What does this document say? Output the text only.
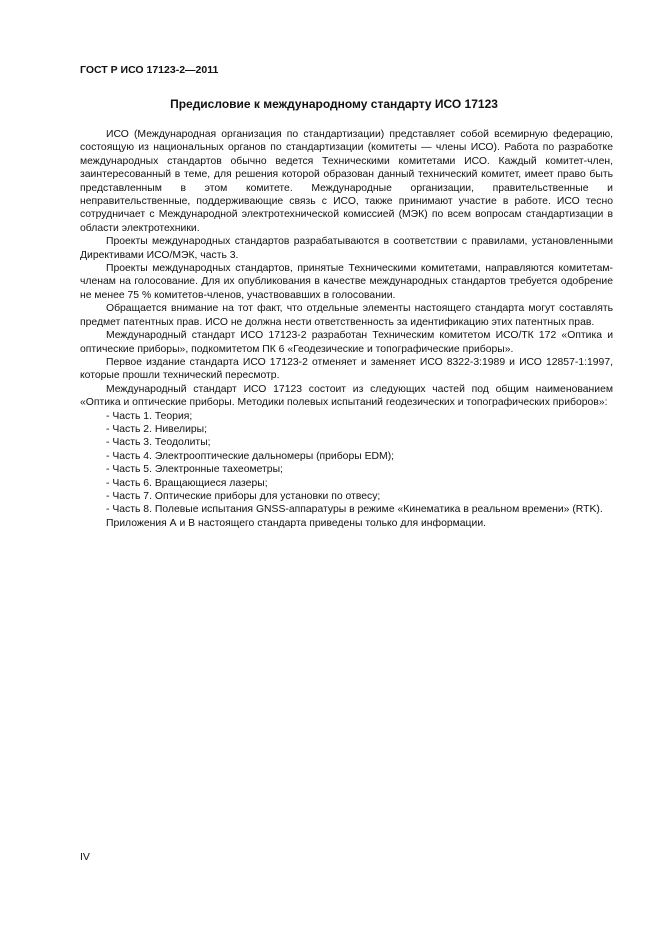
ГОСТ Р ИСО 17123-2—2011
Предисловие к международному стандарту ИСО 17123

ИСО (Международная организация по стандартизации) представляет собой всемирную федерацию, состоящую из национальных органов по стандартизации (комитеты — члены ИСО). Работа по разработке международных стандартов обычно ведется Техническими комитетами ИСО. Каждый комитет-член, заинтересованный в теме, для решения которой образован данный технический комитет, имеет право быть представленным в этом комитете. Международные организации, правительственные и неправительственные, поддерживающие связь с ИСО, также принимают участие в работе. ИСО тесно сотрудничает с Международной электротехнической комиссией (МЭК) по всем вопросам стандартизации в области электротехники.

Проекты международных стандартов разрабатываются в соответствии с правилами, установленными Директивами ИСО/МЭК, часть 3.

Проекты международных стандартов, принятые Техническими комитетами, направляются комитетам-членам на голосование. Для их опубликования в качестве международных стандартов требуется одобрение не менее 75 % комитетов-членов, участвовавших в голосовании.

Обращается внимание на тот факт, что отдельные элементы настоящего стандарта могут составлять предмет патентных прав. ИСО не должна нести ответственность за идентификацию этих патентных прав.

Международный стандарт ИСО 17123-2 разработан Техническим комитетом ИСО/ТК 172 «Оптика и оптические приборы», подкомитетом ПК 6 «Геодезические и топографические приборы».

Первое издание стандарта ИСО 17123-2 отменяет и заменяет ИСО 8322-3:1989 и ИСО 12857-1:1997, которые прошли технический пересмотр.

Международный стандарт ИСО 17123 состоит из следующих частей под общим наименованием «Оптика и оптические приборы. Методики полевых испытаний геодезических и топографических приборов»:

- Часть 1. Теория;
- Часть 2. Нивелиры;
- Часть 3. Теодолиты;
- Часть 4. Электрооптические дальномеры (приборы EDM);
- Часть 5. Электронные тахеометры;
- Часть 6. Вращающиеся лазеры;
- Часть 7. Оптические приборы для установки по отвесу;
- Часть 8. Полевые испытания GNSS-аппаратуры в режиме «Кинематика в реальном времени» (RTK).

Приложения А и В настоящего стандарта приведены только для информации.

IV
